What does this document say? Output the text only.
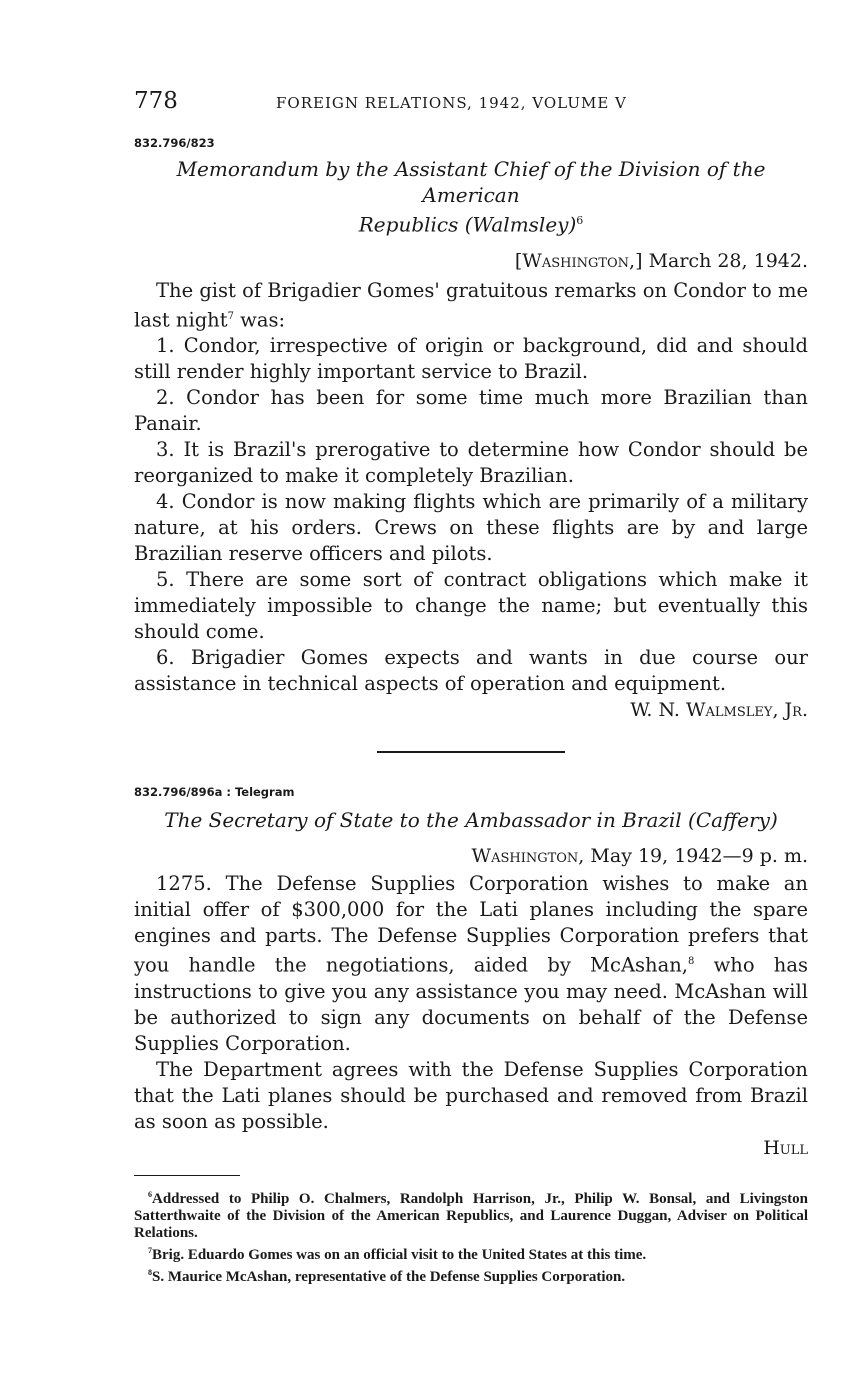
778	FOREIGN RELATIONS, 1942, VOLUME V
832.796/823
Memorandum by the Assistant Chief of the Division of the American
Republics (Walmsley)$^6$
[Washington,] March 28, 1942.

The gist of Brigadier Gomes' gratuitous remarks on Condor to me last night$^7$ was:

1. Condor, irrespective of origin or background, did and should still render highly important service to Brazil.

2. Condor has been for some time much more Brazilian than Panair.

3. It is Brazil's prerogative to determine how Condor should be reorganized to make it completely Brazilian.

4. Condor is now making flights which are primarily of a military nature, at his orders. Crews on these flights are by and large Brazilian reserve officers and pilots.

5. There are some sort of contract obligations which make it immediately impossible to change the name; but eventually this should come.

6. Brigadier Gomes expects and wants in due course our assistance in technical aspects of operation and equipment.

W. N. Walmsley, Jr.
832.796/896a : Telegram
The Secretary of State to the Ambassador in Brazil (Caffery)
Washington, May 19, 1942—9 p. m.

1275. The Defense Supplies Corporation wishes to make an initial offer of $300,000 for the Lati planes including the spare engines and parts. The Defense Supplies Corporation prefers that you handle the negotiations, aided by McAshan,$^8$ who has instructions to give you any assistance you may need. McAshan will be authorized to sign any documents on behalf of the Defense Supplies Corporation.

The Department agrees with the Defense Supplies Corporation that the Lati planes should be purchased and removed from Brazil as soon as possible.

Hull

$^6$Addressed to Philip O. Chalmers, Randolph Harrison, Jr., Philip W. Bonsal, and Livingston Satterthwaite of the Division of the American Republics, and Laurence Duggan, Adviser on Political Relations.

$^7$Brig. Eduardo Gomes was on an official visit to the United States at this time.

$^8$S. Maurice McAshan, representative of the Defense Supplies Corporation.
